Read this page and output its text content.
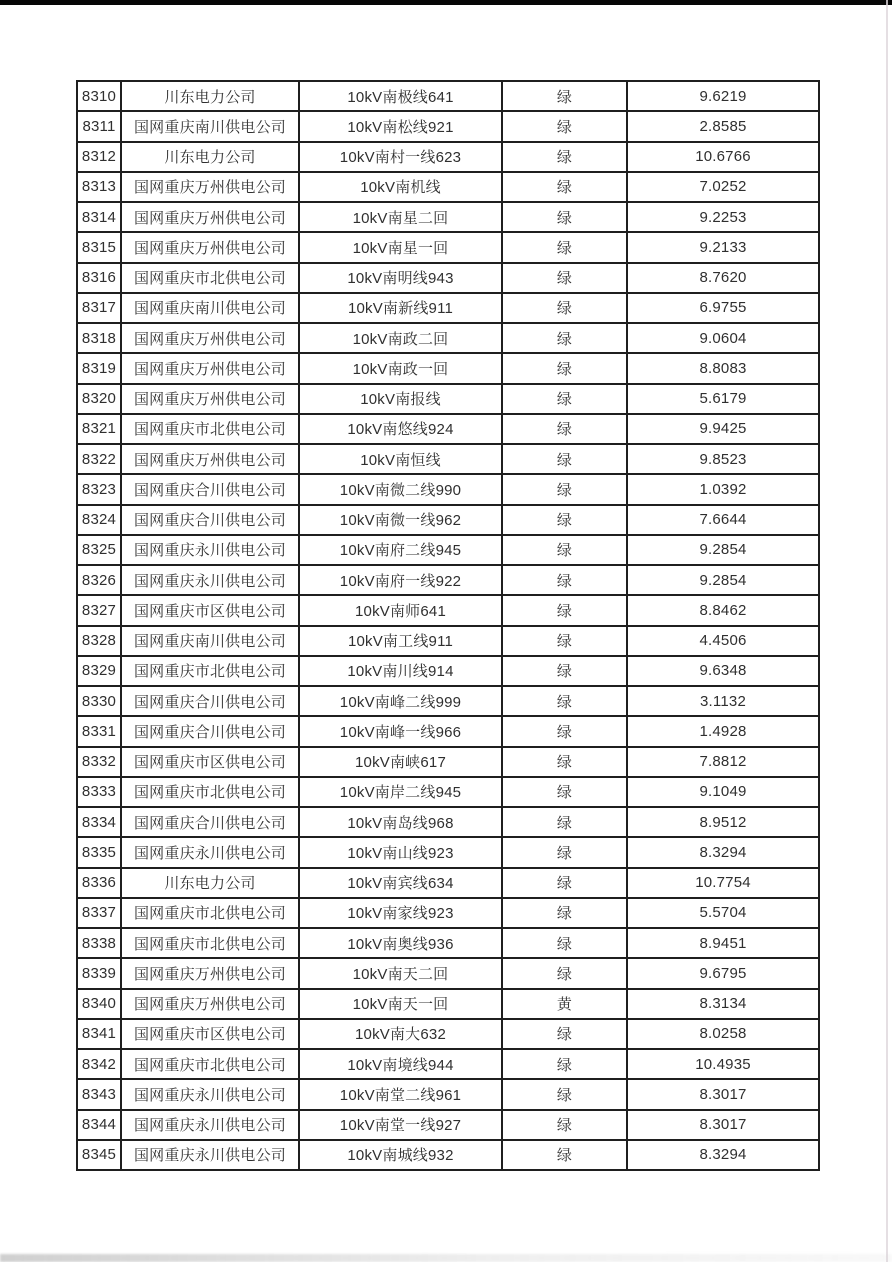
8310	川东电力公司	10kV南极线641	绿	9.6219
8311	国网重庆南川供电公司	10kV南松线921	绿	2.8585
8312	川东电力公司	10kV南村一线623	绿	10.6766
8313	国网重庆万州供电公司	10kV南机线	绿	7.0252
8314	国网重庆万州供电公司	10kV南星二回	绿	9.2253
8315	国网重庆万州供电公司	10kV南星一回	绿	9.2133
8316	国网重庆市北供电公司	10kV南明线943	绿	8.7620
8317	国网重庆南川供电公司	10kV南新线911	绿	6.9755
8318	国网重庆万州供电公司	10kV南政二回	绿	9.0604
8319	国网重庆万州供电公司	10kV南政一回	绿	8.8083
8320	国网重庆万州供电公司	10kV南报线	绿	5.6179
8321	国网重庆市北供电公司	10kV南悠线924	绿	9.9425
8322	国网重庆万州供电公司	10kV南恒线	绿	9.8523
8323	国网重庆合川供电公司	10kV南微二线990	绿	1.0392
8324	国网重庆合川供电公司	10kV南微一线962	绿	7.6644
8325	国网重庆永川供电公司	10kV南府二线945	绿	9.2854
8326	国网重庆永川供电公司	10kV南府一线922	绿	9.2854
8327	国网重庆市区供电公司	10kV南师641	绿	8.8462
8328	国网重庆南川供电公司	10kV南工线911	绿	4.4506
8329	国网重庆市北供电公司	10kV南川线914	绿	9.6348
8330	国网重庆合川供电公司	10kV南峰二线999	绿	3.1132
8331	国网重庆合川供电公司	10kV南峰一线966	绿	1.4928
8332	国网重庆市区供电公司	10kV南峡617	绿	7.8812
8333	国网重庆市北供电公司	10kV南岸二线945	绿	9.1049
8334	国网重庆合川供电公司	10kV南岛线968	绿	8.9512
8335	国网重庆永川供电公司	10kV南山线923	绿	8.3294
8336	川东电力公司	10kV南宾线634	绿	10.7754
8337	国网重庆市北供电公司	10kV南家线923	绿	5.5704
8338	国网重庆市北供电公司	10kV南奥线936	绿	8.9451
8339	国网重庆万州供电公司	10kV南天二回	绿	9.6795
8340	国网重庆万州供电公司	10kV南天一回	黄	8.3134
8341	国网重庆市区供电公司	10kV南大632	绿	8.0258
8342	国网重庆市北供电公司	10kV南境线944	绿	10.4935
8343	国网重庆永川供电公司	10kV南堂二线961	绿	8.3017
8344	国网重庆永川供电公司	10kV南堂一线927	绿	8.3017
8345	国网重庆永川供电公司	10kV南城线932	绿	8.3294
